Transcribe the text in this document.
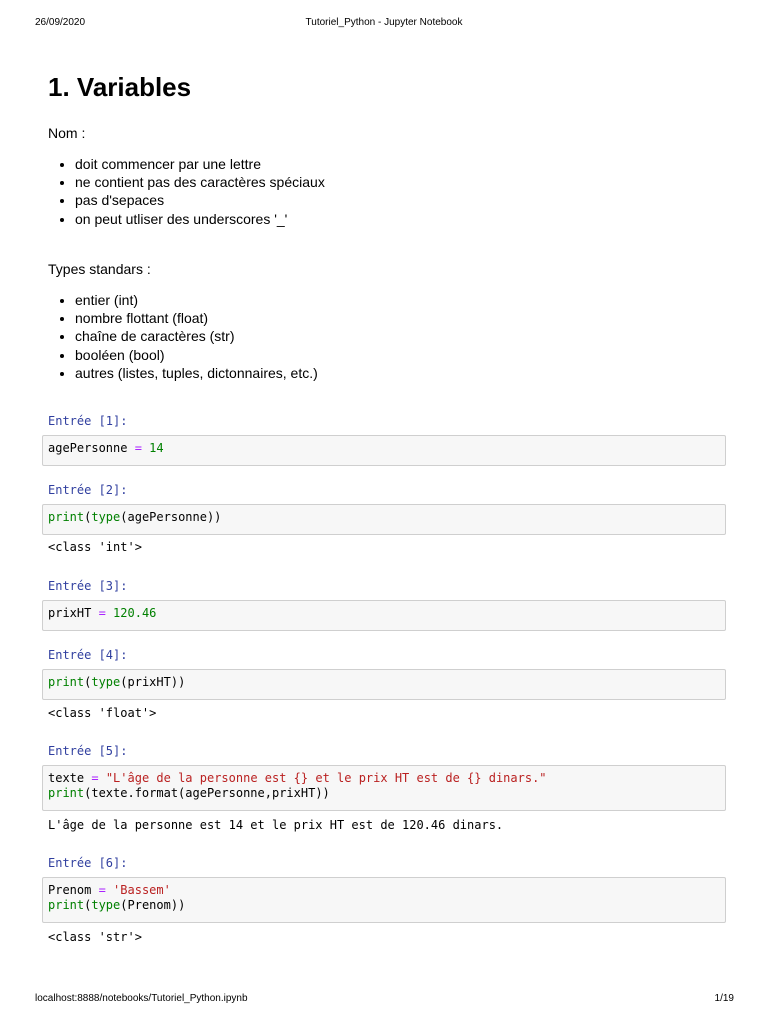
26/09/2020	Tutoriel_Python - Jupyter Notebook
1. Variables

Nom :

• doit commencer par une lettre
• ne contient pas des caractères spéciaux
• pas d'sepaces
• on peut utliser des underscores '_'

Types standars :

• entier (int)
• nombre flottant (float)
• chaîne de caractères (str)
• booléen (bool)
• autres (listes, tuples, dictonnaires, etc.)
Entrée [1]:
agePersonne = 14
Entrée [2]:
print(type(agePersonne))
<class 'int'>
Entrée [3]:
prixHT = 120.46
Entrée [4]:
print(type(prixHT))
<class 'float'>
Entrée [5]:
texte = "L'âge de la personne est {} et le prix HT est de {} dinars."
print(texte.format(agePersonne,prixHT))
L'âge de la personne est 14 et le prix HT est de 120.46 dinars.
Entrée [6]:
Prenom = 'Bassem'
print(type(Prenom))
<class 'str'>
localhost:8888/notebooks/Tutoriel_Python.ipynb	1/19
